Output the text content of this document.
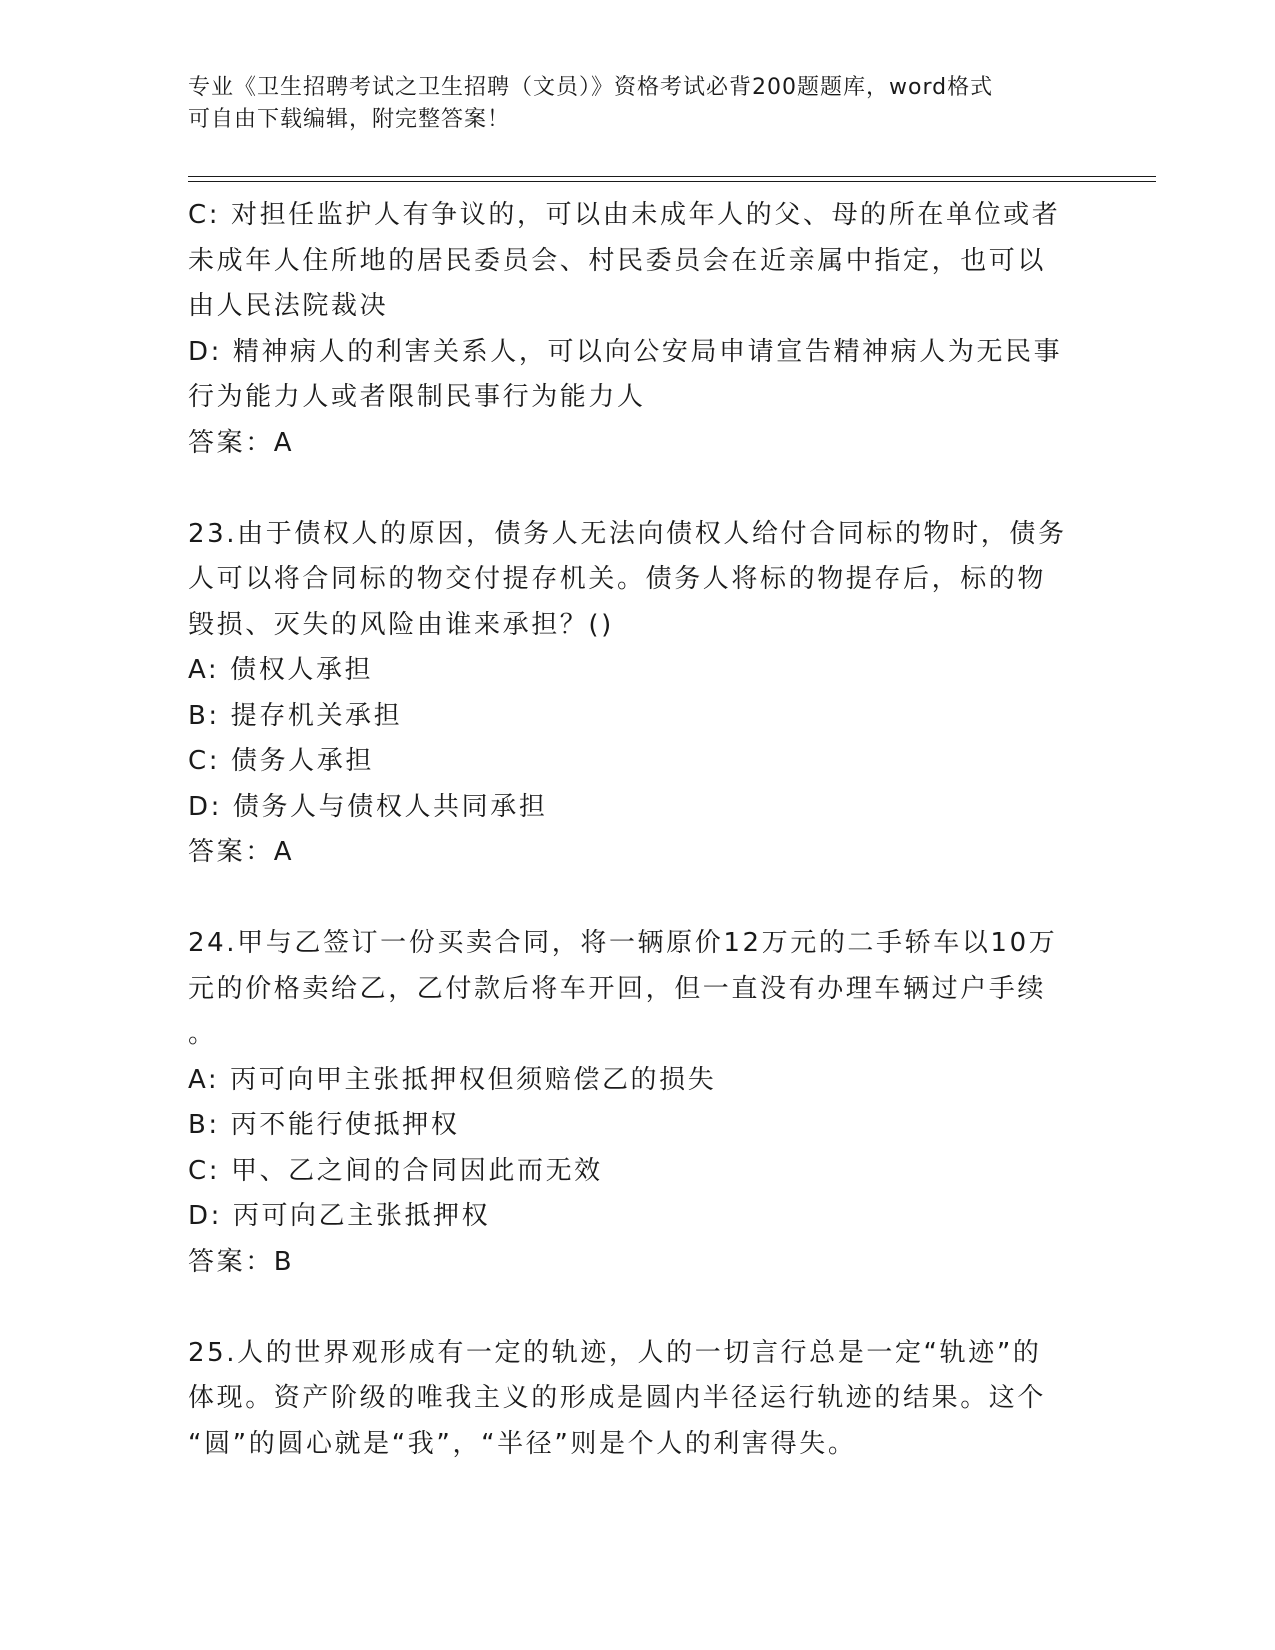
专业《卫生招聘考试之卫生招聘（文员）》资格考试必背200题题库，word格式
可自由下载编辑，附完整答案！
C: 对担任监护人有争议的，可以由未成年人的父、母的所在单位或者
未成年人住所地的居民委员会、村民委员会在近亲属中指定，也可以
由人民法院裁决
D: 精神病人的利害关系人，可以向公安局申请宣告精神病人为无民事
行为能力人或者限制民事行为能力人
答案：A
23.由于债权人的原因，债务人无法向债权人给付合同标的物时，债务
人可以将合同标的物交付提存机关。债务人将标的物提存后，标的物
毁损、灭失的风险由谁来承担？()
A: 债权人承担
B: 提存机关承担
C: 债务人承担
D: 债务人与债权人共同承担
答案：A
24.甲与乙签订一份买卖合同，将一辆原价12万元的二手轿车以10万
元的价格卖给乙，乙付款后将车开回，但一直没有办理车辆过户手续
。
A: 丙可向甲主张抵押权但须赔偿乙的损失
B: 丙不能行使抵押权
C: 甲、乙之间的合同因此而无效
D: 丙可向乙主张抵押权
答案：B
25.人的世界观形成有一定的轨迹，人的一切言行总是一定“轨迹”的
体现。资产阶级的唯我主义的形成是圆内半径运行轨迹的结果。这个
“圆”的圆心就是“我”，“半径”则是个人的利害得失。
